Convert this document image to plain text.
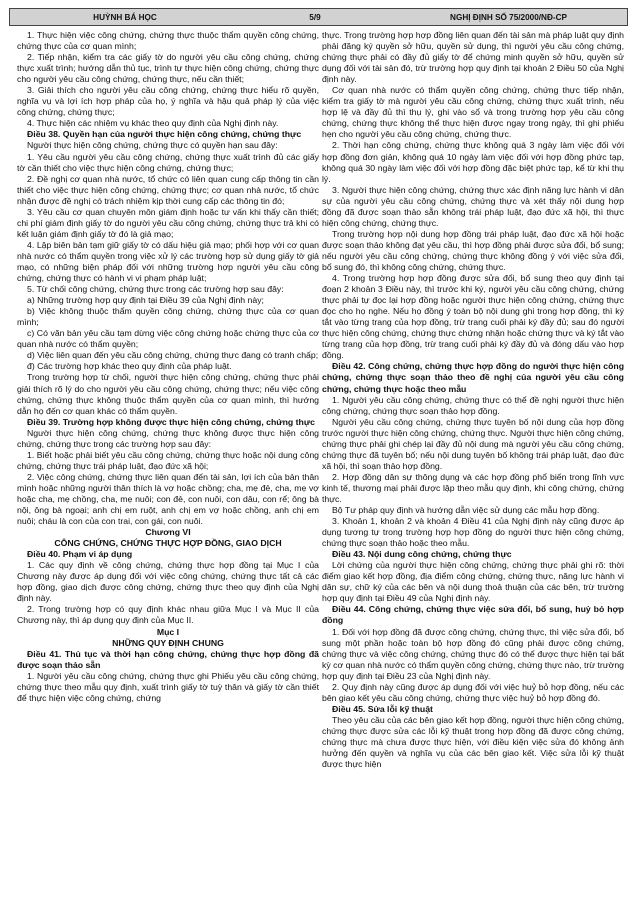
HUỲNH BÁ HỌC	5/9	NGHỊ ĐỊNH SỐ 75/2000/NĐ-CP

1. Thực hiện việc công chứng, chứng thực thuộc thẩm quyền công chứng, chứng thực của cơ quan mình;

2. Tiếp nhận, kiểm tra các giấy tờ do người yêu cầu công chứng, chứng thực xuất trình; hướng dẫn thủ tục, trình tự thực hiện công chứng, chứng thực cho người yêu cầu công chứng, chứng thực, nếu cần thiết;

3. Giải thích cho người yêu cầu công chứng, chứng thực hiểu rõ quyền, nghĩa vụ và lợi ích hợp pháp của họ, ý nghĩa và hậu quả pháp lý của việc công chứng, chứng thực;

4. Thực hiện các nhiệm vụ khác theo quy định của Nghị định này.

Điều 38. Quyền hạn của người thực hiện công chứng, chứng thực

Người thực hiện công chứng, chứng thực có quyền hạn sau đây:

1. Yêu cầu người yêu cầu công chứng, chứng thực xuất trình đủ các giấy tờ cần thiết cho việc thực hiện công chứng, chứng thực;

2. Đề nghị cơ quan nhà nước, tổ chức có liên quan cung cấp thông tin cần thiết cho việc thực hiện công chứng, chứng thực; cơ quan nhà nước, tổ chức nhận được đề nghị có trách nhiệm kịp thời cung cấp các thông tin đó;

3. Yêu cầu cơ quan chuyên môn giám định hoặc tư vấn khi thấy cần thiết; chi phí giám định giấy tờ do người yêu cầu công chứng, chứng thực trả khi có kết luận giám định giấy tờ đó là giả mạo;

4. Lập biên bản tạm giữ giấy tờ có dấu hiệu giả mạo; phối hợp với cơ quan nhà nước có thẩm quyền trong việc xử lý các trường hợp sử dụng giấy tờ giả mạo, có những biện pháp đối với những trường hợp người yêu cầu công chứng, chứng thực có hành vi vi phạm pháp luật;

5. Từ chối công chứng, chứng thực trong các trường hợp sau đây:

a) Những trường hợp quy định tại Điều 39 của Nghị định này;

b) Việc không thuộc thẩm quyền công chứng, chứng thực của cơ quan mình;

c) Có văn bản yêu cầu tạm dừng việc công chứng hoặc chứng thực của cơ quan nhà nước có thẩm quyền;

d) Việc liên quan đến yêu cầu công chứng, chứng thực đang có tranh chấp;

đ) Các trường hợp khác theo quy định của pháp luật.

Trong trường hợp từ chối, người thực hiện công chứng, chứng thực phải giải thích rõ lý do cho người yêu cầu công chứng, chứng thực; nếu việc công chứng, chứng thực không thuộc thẩm quyền của cơ quan mình, thì hướng dẫn họ đến cơ quan khác có thẩm quyền.

Điều 39. Trường hợp không được thực hiện công chứng, chứng thực

Người thực hiện công chứng, chứng thực không được thực hiện công chứng, chứng thực trong các trường hợp sau đây:

1. Biết hoặc phải biết yêu cầu công chứng, chứng thực hoặc nội dung công chứng, chứng thực trái pháp luật, đạo đức xã hội;

2. Việc công chứng, chứng thực liên quan đến tài sản, lợi ích của bản thân mình hoặc những người thân thích là vợ hoặc chồng; cha, mẹ đẻ, cha, mẹ vợ hoặc cha, mẹ chồng, cha, mẹ nuôi; con đẻ, con nuôi, con dâu, con rể; ông bà nội, ông bà ngoại; anh chị em ruột, anh chị em vợ hoặc chồng, anh chị em nuôi; cháu là con của con trai, con gái, con nuôi.

Chương VI

CÔNG CHỨNG, CHỨNG THỰC HỢP ĐỒNG, GIAO DỊCH

Điều 40. Phạm vi áp dụng

1. Các quy định về công chứng, chứng thực hợp đồng tại Mục I của Chương này được áp dụng đối với việc công chứng, chứng thực tất cả các hợp đồng, giao dịch được công chứng, chứng thực theo quy định của Nghị định này.

2. Trong trường hợp có quy định khác nhau giữa Mục I và Mục II của Chương này, thì áp dụng quy định của Mục II.

Mục I

NHỮNG QUY ĐỊNH CHUNG

Điều 41. Thủ tục và thời hạn công chứng, chứng thực hợp đồng đã được soạn thảo sẵn

1. Người yêu cầu công chứng, chứng thực ghi Phiếu yêu cầu công chứng, chứng thực theo mẫu quy định, xuất trình giấy tờ tuỳ thân và giấy tờ cần thiết để thực hiện việc công chứng, chứng

thực. Trong trường hợp hợp đồng liên quan đến tài sản mà pháp luật quy định phải đăng ký quyền sở hữu, quyền sử dụng, thì người yêu cầu công chứng, chứng thực phải có đầy đủ giấy tờ để chứng minh quyền sở hữu, quyền sử dụng đối với tài sản đó, trừ trường hợp quy định tại khoản 2 Điều 50 của Nghị định này.

Cơ quan nhà nước có thẩm quyền công chứng, chứng thực tiếp nhận, kiểm tra giấy tờ mà người yêu cầu công chứng, chứng thực xuất trình, nếu hợp lệ và đầy đủ thì thụ lý, ghi vào sổ và trong trường hợp yêu cầu công chứng, chứng thực không thể thực hiện được ngay trong ngày, thì ghi phiếu hẹn cho người yêu cầu công chứng, chứng thực.

2. Thời hạn công chứng, chứng thực không quá 3 ngày làm việc đối với hợp đồng đơn giản, không quá 10 ngày làm việc đối với hợp đồng phức tạp, không quá 30 ngày làm việc đối với hợp đồng đặc biệt phức tạp, kể từ khi thụ lý.

3. Người thực hiện công chứng, chứng thực xác định năng lực hành vi dân sự của người yêu cầu công chứng, chứng thực và xét thấy nội dung hợp đồng đã được soạn thảo sẵn không trái pháp luật, đạo đức xã hội, thì thực hiện công chứng, chứng thực.

Trong trường hợp nội dung hợp đồng trái pháp luật, đạo đức xã hội hoặc được soạn thảo không đạt yêu cầu, thì hợp đồng phải được sửa đổi, bổ sung; nếu người yêu cầu công chứng, chứng thực không đồng ý với việc sửa đổi, bổ sung đó, thì không công chứng, chứng thực.

4. Trong trường hợp hợp đồng được sửa đổi, bổ sung theo quy định tại đoạn 2 khoản 3 Điều này, thì trước khi ký, người yêu cầu công chứng, chứng thực phải tự đọc lại hợp đồng hoặc người thực hiện công chứng, chứng thực đọc cho họ nghe. Nếu họ đồng ý toàn bộ nội dung ghi trong hợp đồng, thì ký tắt vào từng trang của hợp đồng, trừ trang cuối phải ký đầy đủ; sau đó người thực hiện công chứng, chứng thực chứng nhận hoặc chứng thực và ký tắt vào từng trang của hợp đồng, trừ trang cuối phải ký đầy đủ và đóng dấu vào hợp đồng.

Điều 42. Công chứng, chứng thực hợp đồng do người thực hiện công chứng, chứng thực soạn thảo theo đề nghị của người yêu cầu công chứng, chứng thực hoặc theo mẫu

1. Người yêu cầu công chứng, chứng thực có thể đề nghị người thực hiện công chứng, chứng thực soạn thảo hợp đồng.

Người yêu cầu công chứng, chứng thực tuyên bố nội dung của hợp đồng trước người thực hiện công chứng, chứng thực. Người thực hiện công chứng, chứng thực phải ghi chép lại đầy đủ nội dung mà người yêu cầu công chứng, chứng thực đã tuyên bố; nếu nội dung tuyên bố không trái pháp luật, đạo đức xã hội, thì soạn thảo hợp đồng.

2. Hợp đồng dân sự thông dụng và các hợp đồng phổ biến trong lĩnh vực kinh tế, thương mại phải được lập theo mẫu quy định, khi công chứng, chứng thực.

Bộ Tư pháp quy định và hướng dẫn việc sử dụng các mẫu hợp đồng.

3. Khoản 1, khoản 2 và khoản 4 Điều 41 của Nghị định này cũng được áp dụng tương tự trong trường hợp hợp đồng do người thực hiện công chứng, chứng thực soạn thảo hoặc theo mẫu.

Điều 43. Nội dung công chứng, chứng thực

Lời chứng của người thực hiện công chứng, chứng thực phải ghi rõ: thời điểm giao kết hợp đồng, địa điểm công chứng, chứng thực, năng lực hành vi dân sự, chữ ký của các bên và nội dung thoả thuận của các bên, trừ trường hợp quy định tại Điều 49 của Nghị định này.

Điều 44. Công chứng, chứng thực việc sửa đổi, bổ sung, huỷ bỏ hợp đồng

1. Đối với hợp đồng đã được công chứng, chứng thực, thì việc sửa đổi, bổ sung một phần hoặc toàn bộ hợp đồng đó cũng phải được công chứng, chứng thực và việc công chứng, chứng thực đó có thể được thực hiện tại bất kỳ cơ quan nhà nước có thẩm quyền công chứng, chứng thực nào, trừ trường hợp quy định tại Điều 23 của Nghị định này.

2. Quy định này cũng được áp dụng đối với việc huỷ bỏ hợp đồng, nếu các bên giao kết yêu cầu công chứng, chứng thực việc huỷ bỏ hợp đồng đó.

Điều 45. Sửa lỗi kỹ thuật

Theo yêu cầu của các bên giao kết hợp đồng, người thực hiện công chứng, chứng thực được sửa các lỗi kỹ thuật trong hợp đồng đã được công chứng, chứng thực mà chưa được thực hiện, với điều kiện việc sửa đó không ảnh hưởng đến quyền và nghĩa vụ của các bên giao kết. Việc sửa lỗi kỹ thuật được thực hiện
